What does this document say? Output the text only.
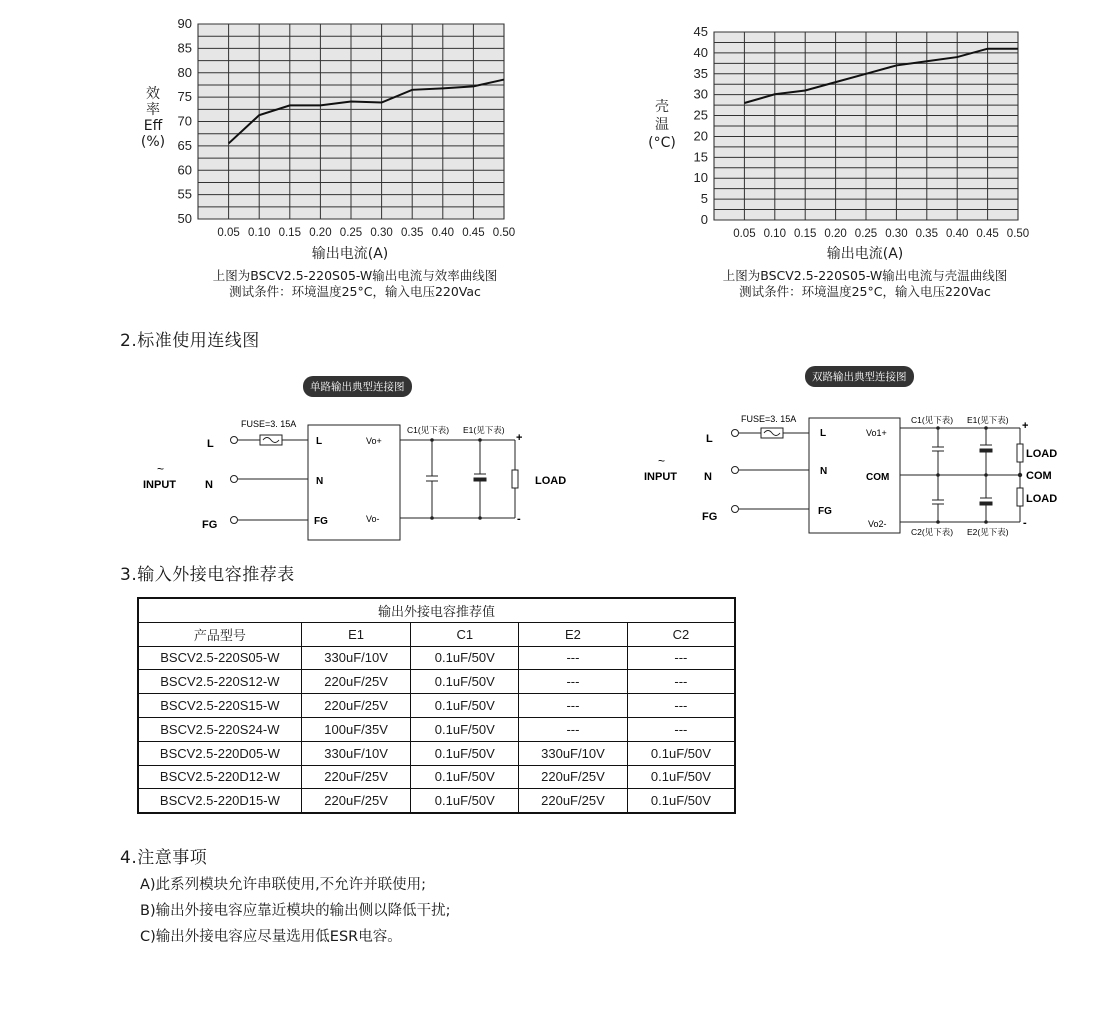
50
55
60
65
70
75
80
85
90
0.05 0.10 0.15 0.20 0.25 0.30 0.35 0.40 0.45 0.50
效
率
Eff
(%)
输出电流(A)
上图为BSCV2.5-220S05-W输出电流与效率曲线图
测试条件：环境温度25°C，输入电压220Vac
0
5
10
15
20
25
30
35
40
45
0.05 0.10 0.15 0.20 0.25 0.30 0.35 0.40 0.45 0.50
壳
温
(°C)
输出电流(A)
上图为BSCV2.5-220S05-W输出电流与壳温曲线图
测试条件：环境温度25°C，输入电压220Vac
2.标准使用连线图
单路输出典型连接图
双路输出典型连接图
FUSE=3. 15A
L
N
FG
~
INPUT
L
N
FG
Vo+
Vo-
C1(见下表) E1(见下表)
+
-
LOAD
FUSE=3. 15A
L
N
FG
~
INPUT
L
N
FG
Vo1+
COM
Vo2-
C1(见下表) E1(见下表)
C2(见下表) E2(见下表)
+
-
LOAD
COM
LOAD
3.输入外接电容推荐表
输出外接电容推荐值				
产品型号	E1	C1	E2	C2
BSCV2.5-220S05-W	330uF/10V	0.1uF/50V	---	---
BSCV2.5-220S12-W	220uF/25V	0.1uF/50V	---	---
BSCV2.5-220S15-W	220uF/25V	0.1uF/50V	---	---
BSCV2.5-220S24-W	100uF/35V	0.1uF/50V	---	---
BSCV2.5-220D05-W	330uF/10V	0.1uF/50V	330uF/10V	0.1uF/50V
BSCV2.5-220D12-W	220uF/25V	0.1uF/50V	220uF/25V	0.1uF/50V
BSCV2.5-220D15-W	220uF/25V	0.1uF/50V	220uF/25V	0.1uF/50V
4.注意事项
A)此系列模块允许串联使用,不允许并联使用;
B)输出外接电容应靠近模块的输出侧以降低干扰;
C)输出外接电容应尽量选用低ESR电容。
